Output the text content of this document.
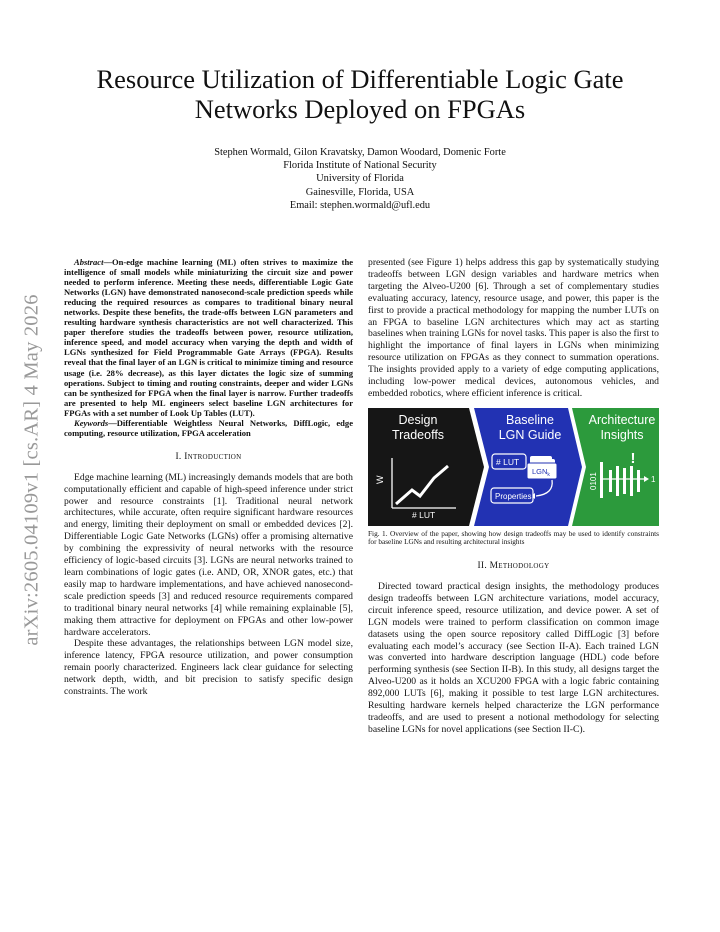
arXiv:2605.04109v1 [cs.AR] 4 May 2026
Resource Utilization of Differentiable Logic Gate Networks Deployed on FPGAs
Stephen Wormald, Gilon Kravatsky, Damon Woodard, Domenic Forte
Florida Institute of National Security
University of Florida
Gainesville, Florida, USA
Email: stephen.wormald@ufl.edu

Abstract—On-edge machine learning (ML) often strives to maximize the intelligence of small models while miniaturizing the circuit size and power needed to perform inference. Meeting these needs, differentiable Logic Gate Networks (LGN) have demonstrated nanosecond-scale prediction speeds while reducing the required resources as compares to traditional binary neural networks. Despite these benefits, the trade-offs between LGN parameters and resulting hardware synthesis characteristics are not well characterized. This paper therefore studies the tradeoffs between power, resource utilization, inference speed, and model accuracy when varying the depth and width of LGNs synthesized for Field Programmable Gate Arrays (FPGA). Results reveal that the final layer of an LGN is critical to minimize timing and resource usage (i.e. 28% decrease), as this layer dictates the logic size of summing operations. Subject to timing and routing constraints, deeper and wider LGNs can be synthesized for FPGA when the final layer is narrow. Further tradeoffs are presented to help ML engineers select baseline LGN architectures for FPGAs with a set number of Look Up Tables (LUT).

Keywords—Differentiable Weightless Neural Networks, DiffLogic, edge computing, resource utilization, FPGA acceleration

I. Introduction

Edge machine learning (ML) increasingly demands models that are both computationally efficient and capable of high-speed inference under strict power and resource constraints [1]. Traditional neural network architectures, while accurate, often require significant hardware resources and energy, limiting their deployment on small or embedded devices [2]. Differentiable Logic Gate Networks (LGNs) offer a promising alternative by combining the expressivity of neural networks with the resource efficiency of logic-based circuits [3]. LGNs are neural networks trained to learn combinations of logic gates (i.e. AND, OR, XNOR gates, etc.) that easily map to hardware implementations, and have achieved nanosecond-scale prediction speeds [3] and reduced resource requirements compared to traditional binary neural networks [4] while remaining explainable [5], making them attractive for deployment on FPGAs and other low-power hardware accelerators.

Despite these advantages, the relationships between LGN model size, inference latency, FPGA resource utilization, and power consumption remain poorly characterized. Engineers lack clear guidance for selecting network depth, width, and bit precision to satisfy specific design constraints. The work

presented (see Figure 1) helps address this gap by systematically studying tradeoffs between LGN design variables and hardware metrics when targeting the Alveo-U200 [6]. Through a set of complementary studies evaluating accuracy, latency, resource usage, and power, this paper is the first to provide a practical methodology for mapping the number LUTs on an FPGA to baseline LGN architectures which may act as starting baselines when training LGNs for novel tasks. This paper is also the first to highlight the importance of final layers in LGNs when minimizing resource utilization on FPGAs as they connect to summation operations. The insights provided apply to a variety of edge computing applications, including low-power medical devices, autonomous vehicles, and embedded robotics, where efficient inference is critical.

Design
Tradeoffs
W
# LUT
Baseline
LGN Guide
# LUT
$LGN_k$
Properties
Architecture
Insights
0101
!
1
Fig. 1. Overview of the paper, showing how design tradeoffs may be used to identify constraints for baseline LGNs and resulting architectural insights
II. Methodology

Directed toward practical design insights, the methodology produces design tradeoffs between LGN architecture variations, model accuracy, circuit inference speed, resource utilization, and device power. A set of LGN models were trained to perform classification on common image datasets using the open source repository called DiffLogic [3] before evaluating each model’s accuracy (see Section II-A). Each trained LGN was converted into hardware description language (HDL) code before performing synthesis (see Section II-B). In this study, all designs target the Alveo-U200 as it holds an XCU200 FPGA with a logic fabric containing 892,000 LUTs [6], making it possible to test large LGN architectures. Resulting hardware kernels helped characterize the LGN performance tradeoffs, and are used to present a notional methodology for selecting baseline LGNs for novel applications (see Section II-C).
